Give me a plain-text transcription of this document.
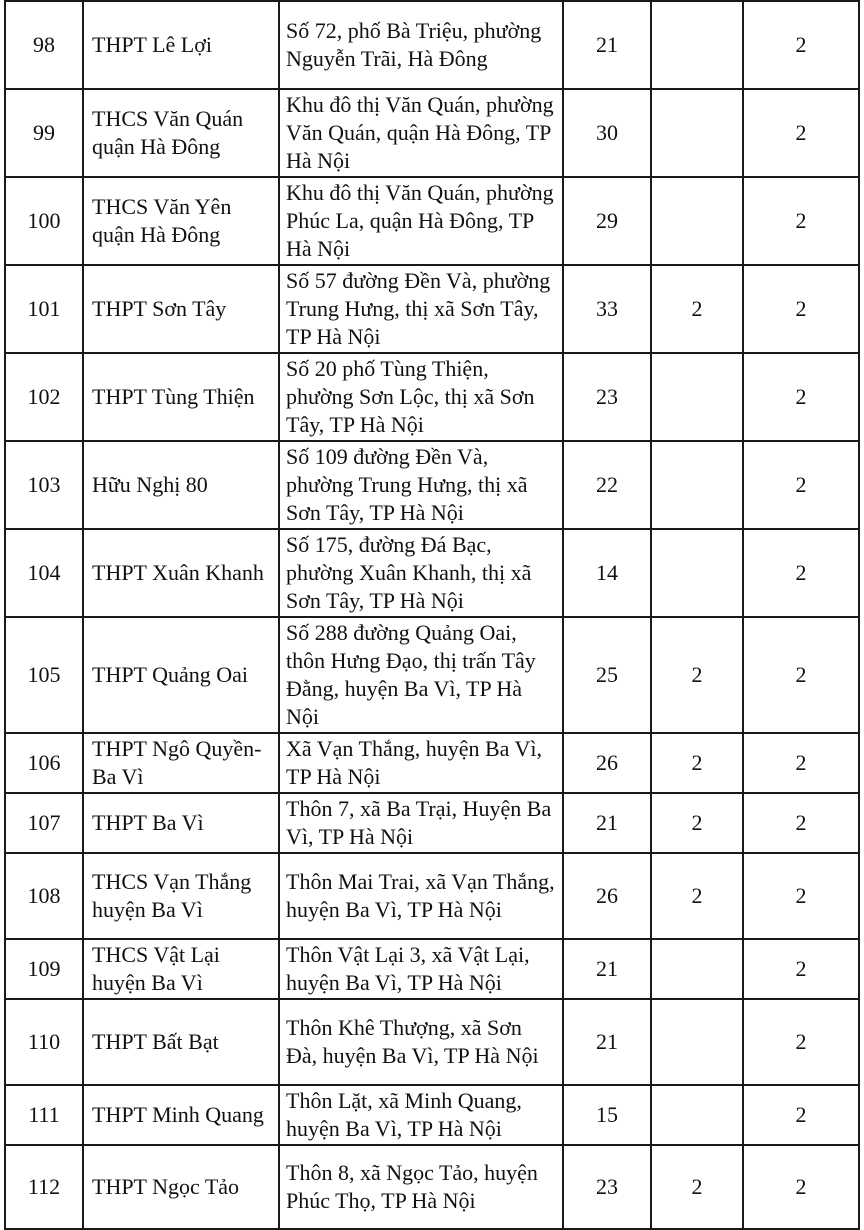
98	THPT Lê Lợi	Số 72, phố Bà Triệu, phường Nguyễn Trãi, Hà Đông	21		2
99	THCS Văn Quán quận Hà Đông	Khu đô thị Văn Quán, phường Văn Quán, quận Hà Đông, TP Hà Nội	30		2
100	THCS Văn Yên quận Hà Đông	Khu đô thị Văn Quán, phường Phúc La, quận Hà Đông, TP Hà Nội	29		2
101	THPT Sơn Tây	Số 57 đường Đền Và, phường Trung Hưng, thị xã Sơn Tây, TP Hà Nội	33	2	2
102	THPT Tùng Thiện	Số 20 phố Tùng Thiện, phường Sơn Lộc, thị xã Sơn Tây, TP Hà Nội	23		2
103	Hữu Nghị 80	Số 109 đường Đền Và, phường Trung Hưng, thị xã Sơn Tây, TP Hà Nội	22		2
104	THPT Xuân Khanh	Số 175, đường Đá Bạc, phường Xuân Khanh, thị xã Sơn Tây, TP Hà Nội	14		2
105	THPT Quảng Oai	Số 288 đường Quảng Oai, thôn Hưng Đạo, thị trấn Tây Đằng, huyện Ba Vì, TP Hà Nội	25	2	2
106	THPT Ngô Quyền-Ba Vì	Xã Vạn Thắng, huyện Ba Vì, TP Hà Nội	26	2	2
107	THPT Ba Vì	Thôn 7, xã Ba Trại, Huyện Ba Vì, TP Hà Nội	21	2	2
108	THCS Vạn Thắng huyện Ba Vì	Thôn Mai Trai, xã Vạn Thắng, huyện Ba Vì, TP Hà Nội	26	2	2
109	THCS Vật Lại huyện Ba Vì	Thôn Vật Lại 3, xã Vật Lại, huyện Ba Vì, TP Hà Nội	21		2
110	THPT Bất Bạt	Thôn Khê Thượng, xã Sơn Đà, huyện Ba Vì, TP Hà Nội	21		2
111	THPT Minh Quang	Thôn Lặt, xã Minh Quang, huyện Ba Vì, TP Hà Nội	15		2
112	THPT Ngọc Tảo	Thôn 8, xã Ngọc Tảo, huyện Phúc Thọ, TP Hà Nội	23	2	2
